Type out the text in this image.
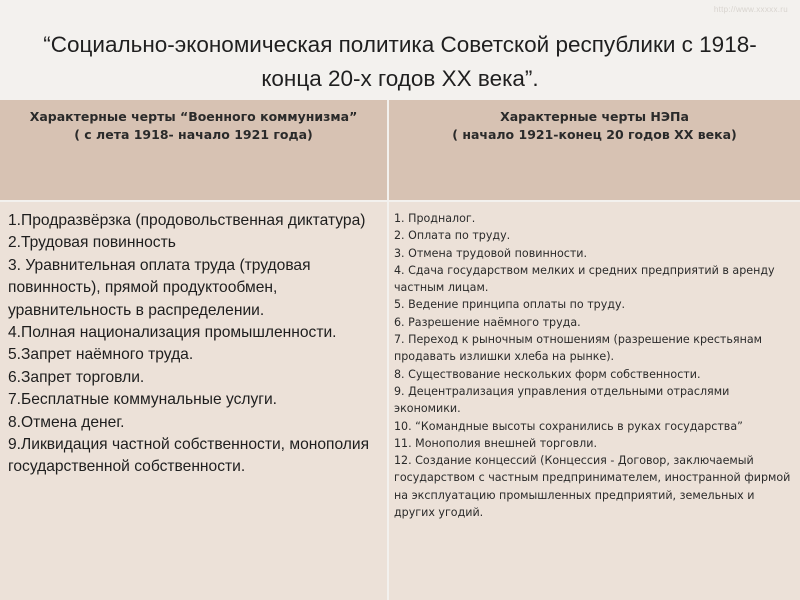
http://www.xxxxx.ru
“Социально-экономическая политика Советской республики с 1918-конца 20-х годов XX века”.
Характерные черты “Военного коммунизма”
( с лета 1918- начало 1921 года)
Характерные черты НЭПа
( начало 1921-конец 20 годов XX века)
1.Продразвёрзка (продовольственная диктатура)
2.Трудовая повинность
3. Уравнительная оплата труда (трудовая повинность), прямой продуктообмен, уравнительность в распределении.
4.Полная национализация промышленности.
5.Запрет наёмного труда.
6.Запрет торговли.
7.Бесплатные коммунальные услуги.
8.Отмена денег.
9.Ликвидация частной собственности, монополия государственной собственности.
1. Продналог.
2. Оплата по труду.
3. Отмена трудовой повинности.
4. Сдача государством мелких и средних предприятий в аренду частным лицам.
5. Ведение принципа оплаты по труду.
6. Разрешение наёмного труда.
7. Переход к рыночным отношениям (разрешение крестьянам продавать излишки хлеба на рынке).
8. Существование нескольких форм собственности.
9. Децентрализация управления отдельными отраслями экономики.
10. “Командные высоты сохранились в руках государства”
11. Монополия внешней торговли.
12. Создание концессий (Концессия - Договор, заключаемый государством с частным предпринимателем, иностранной фирмой на эксплуатацию промышленных предприятий, земельных и других угодий.
